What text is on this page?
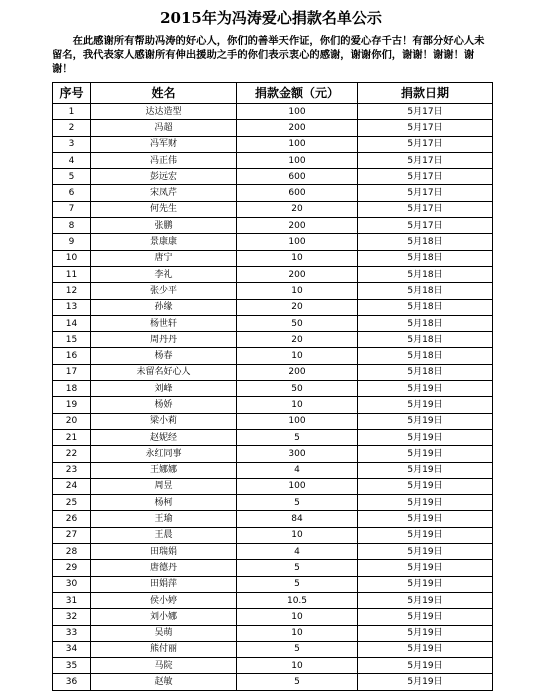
2015年为冯涛爱心捐款名单公示
在此感谢所有帮助冯涛的好心人，你们的善举天作证，你们的爱心存千古！有部分好心人未留名，我代表家人感谢所有伸出援助之手的你们表示衷心的感谢，谢谢你们，谢谢！谢谢！谢谢！
序号	姓名	捐款金额（元）	捐款日期
1	达达造型	100	5月17日
2	冯超	200	5月17日
3	冯军财	100	5月17日
4	冯正伟	100	5月17日
5	彭远宏	600	5月17日
6	宋凤芹	600	5月17日
7	何先生	20	5月17日
8	张鹏	200	5月17日
9	景康康	100	5月18日
10	唐宁	10	5月18日
11	李礼	200	5月18日
12	张少平	10	5月18日
13	孙缘	20	5月18日
14	杨世轩	50	5月18日
15	周丹丹	20	5月18日
16	杨春	10	5月18日
17	未留名好心人	200	5月18日
18	刘峰	50	5月19日
19	杨娇	10	5月19日
20	梁小莉	100	5月19日
21	赵妮经	5	5月19日
22	永红同事	300	5月19日
23	王娜娜	4	5月19日
24	周昱	100	5月19日
25	杨柯	5	5月19日
26	王瑜	84	5月19日
27	王晨	10	5月19日
28	田瑞娟	4	5月19日
29	唐德丹	5	5月19日
30	田娟萍	5	5月19日
31	侯小婷	10.5	5月19日
32	刘小娜	10	5月19日
33	吴萌	10	5月19日
34	熊付丽	5	5月19日
35	马院	10	5月19日
36	赵敏	5	5月19日
